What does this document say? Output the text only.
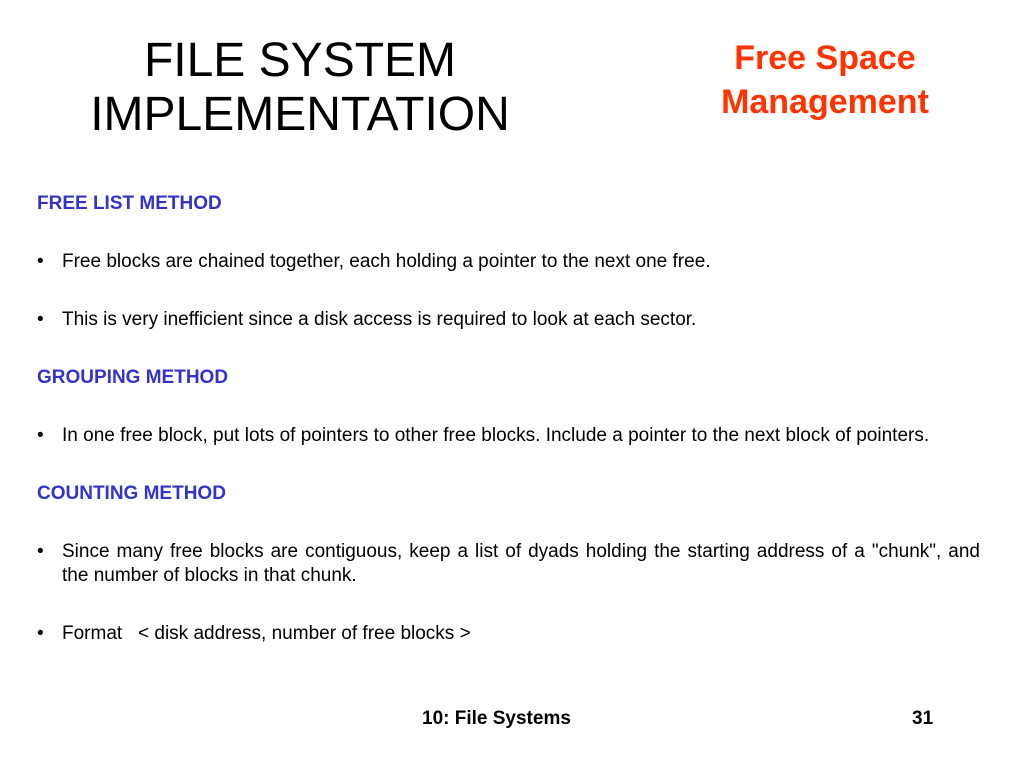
FILE SYSTEM
IMPLEMENTATION
Free Space
Management

FREE LIST METHOD

• Free blocks are chained together, each holding a pointer to the next one free.

• This is very inefficient since a disk access is required to look at each sector.

GROUPING METHOD

• In one free block, put lots of pointers to other free blocks. Include a pointer to the next block of pointers.

COUNTING METHOD

• Since many free blocks are contiguous, keep a list of dyads holding the starting address of a "chunk", and the number of blocks in that chunk.

• Format   < disk address, number of free blocks >

10: File Systems	31
